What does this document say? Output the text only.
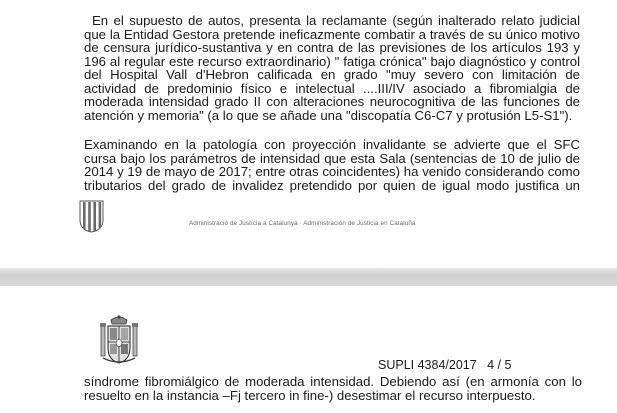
En el supuesto de autos, presenta la reclamante (según inalterado relato judicial
que la Entidad Gestora pretende ineficazmente combatir a través de su único motivo
de censura jurídico-sustantiva y en contra de las previsiones de los artículos 193 y
196 al regular este recurso extraordinario) " fatiga crónica" bajo diagnóstico y control
del Hospital Vall d'Hebron calificada en grado "muy severo con limitación de
actividad de predominio físico e intelectual ....III/IV asociado a fibromialgia de
moderada intensidad grado II con alteraciones neurocognitiva de las funciones de
atención y memoria" (a lo que se añade una "discopatía C6-C7 y protusión L5-S1").

Examinando en la patología con proyección invalidante se advierte que el SFC
cursa bajo los parámetros de intensidad que esta Sala (sentencias de 10 de julio de
2014 y 19 de mayo de 2017; entre otras coincidentes) ha venido considerando como
tributarios del grado de invalidez pretendido por quien de igual modo justifica un

Administració de Justícia a Catalunya · Administración de Justicia en Cataluña
SUPLI 4384/2017 4 / 5

síndrome fibromiálgico de moderada intensidad. Debiendo así (en armonía con lo
resuelto en la instancia –Fj tercero in fine-) desestimar el recurso interpuesto.
